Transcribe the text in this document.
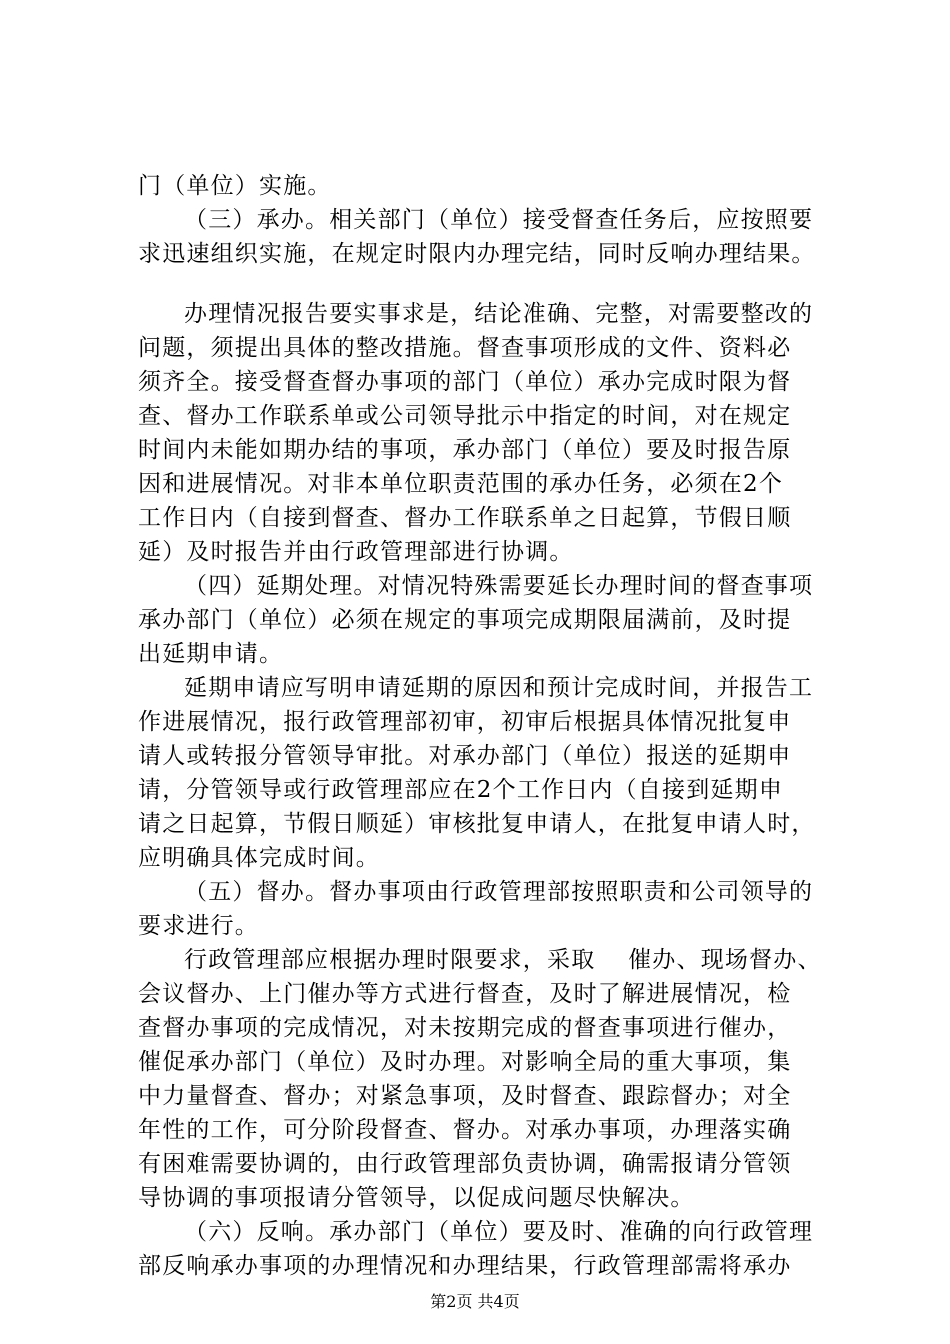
门（单位）实施。
（三）承办。相关部门（单位）接受督查任务后，应按照要
求迅速组织实施，在规定时限内办理完结，同时反响办理结果。
办理情况报告要实事求是，结论准确、完整，对需要整改的
问题，须提出具体的整改措施。督查事项形成的文件、资料必
须齐全。接受督查督办事项的部门（单位）承办完成时限为督
查、督办工作联系单或公司领导批示中指定的时间，对在规定
时间内未能如期办结的事项，承办部门（单位）要及时报告原
因和进展情况。对非本单位职责范围的承办任务，必须在2个
工作日内（自接到督查、督办工作联系单之日起算，节假日顺
延）及时报告并由行政管理部进行协调。
（四）延期处理。对情况特殊需要延长办理时间的督查事项
承办部门（单位）必须在规定的事项完成期限届满前，及时提
出延期申请。
延期申请应写明申请延期的原因和预计完成时间，并报告工
作进展情况，报行政管理部初审，初审后根据具体情况批复申
请人或转报分管领导审批。对承办部门（单位）报送的延期申
请，分管领导或行政管理部应在2个工作日内（自接到延期申
请之日起算，节假日顺延）审核批复申请人，在批复申请人时，
应明确具体完成时间。
（五）督办。督办事项由行政管理部按照职责和公司领导的
要求进行。
行政管理部应根据办理时限要求，采取　 催办、现场督办、
会议督办、上门催办等方式进行督查，及时了解进展情况，检
查督办事项的完成情况，对未按期完成的督查事项进行催办，
催促承办部门（单位）及时办理。对影响全局的重大事项，集
中力量督查、督办；对紧急事项，及时督查、跟踪督办；对全
年性的工作，可分阶段督查、督办。对承办事项，办理落实确
有困难需要协调的，由行政管理部负责协调，确需报请分管领
导协调的事项报请分管领导，以促成问题尽快解决。
（六）反响。承办部门（单位）要及时、准确的向行政管理
部反响承办事项的办理情况和办理结果，行政管理部需将承办
第2页 共4页
